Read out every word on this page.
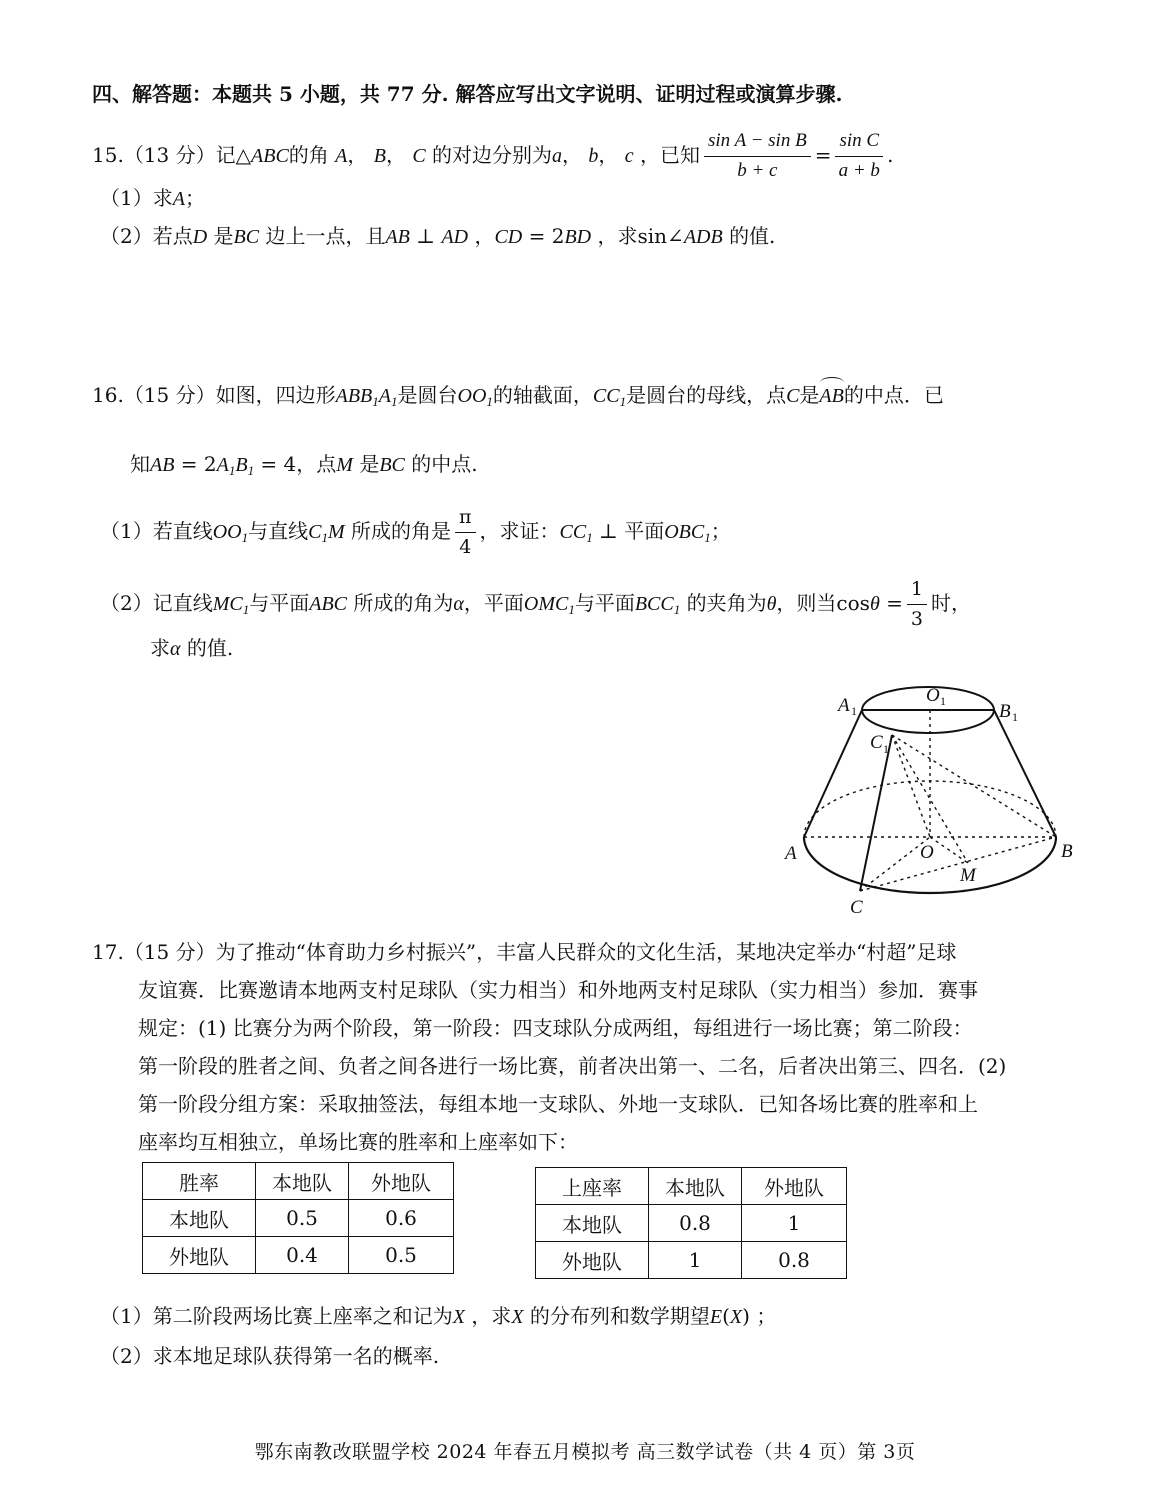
四、解答题：本题共 5 小题，共 77 分. 解答应写出文字说明、证明过程或演算步骤.
15.（13 分）记△ABC的角 A， B， C 的对边分别为a， b， c ，已知 $\frac{\text{sin A − sin B}}{b + c} = \frac{\text{sin C}}{a + b}$ .
（1）求A；
（2）若点D 是BC 边上一点，且AB ⊥ AD ，CD = 2BD ，求sin∠ADB 的值.
16.（15 分）如图，四边形$ABB_1A_1$是圆台$OO_1$的轴截面，$CC_1$是圆台的母线，点C是
AB的中点．已
知AB = $2A_1B_1 = 4$，点M 是BC 的中点.
（1）若直线$OO_1$与直线$C_1M$ 所成的角是 $\frac{\pi}{4}$ ，求证：$CC_1$ ⊥ 平面$OBC_1$；
（2）记直线$MC_1$与平面ABC 所成的角为α，平面$OMC_1$与平面$BCC_1$ 的夹角为θ，则当$\cos\theta = \frac{1}{3}$ 时，
求α 的值.
A 1
O 1	B 1
C 1
A	O	B
M
C
17.（15 分）为了推动“体育助力乡村振兴”，丰富人民群众的文化生活，某地决定举办“村超”足球
友谊赛．比赛邀请本地两支村足球队（实力相当）和外地两支村足球队（实力相当）参加．赛事
规定：(1) 比赛分为两个阶段，第一阶段：四支球队分成两组，每组进行一场比赛；第二阶段：
第一阶段的胜者之间、负者之间各进行一场比赛，前者决出第一、二名，后者决出第三、四名．(2)
第一阶段分组方案：采取抽签法，每组本地一支球队、外地一支球队．已知各场比赛的胜率和上
座率均互相独立，单场比赛的胜率和上座率如下：
胜率	本地队	外地队
本地队	0.5	0.6
外地队	0.4	0.5
上座率	本地队	外地队
本地队	0.8	1
外地队	1	0.8
（1）第二阶段两场比赛上座率之和记为X ，求X 的分布列和数学期望E(X) ；
（2）求本地足球队获得第一名的概率.
鄂东南教改联盟学校 2024 年春五月模拟考 高三数学试卷（共 4 页）第 3页
